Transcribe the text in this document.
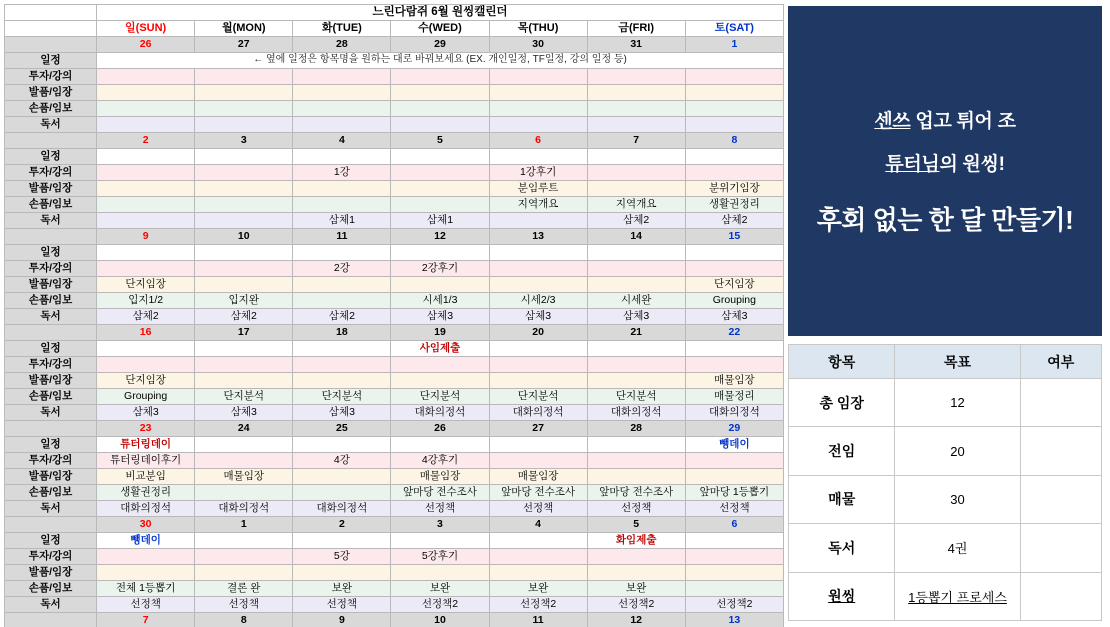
	느린다람쥐 6월 원씽캘린더						
	일(SUN)	월(MON)	화(TUE)	수(WED)	목(THU)	금(FRI)	토(SAT)
	26	27	28	29	30	31	1
일정	← 옆에 일정은 항목명을 원하는 대로 바꿔보세요 (EX. 개인일정, TF일정, 강의 일정 등)						
투자/강의							
발품/임장							
손품/임보							
독서							
	2	3	4	5	6	7	8
일정							
투자/강의			1강		1강후기		
발품/임장					분임루트		분위기임장
손품/임보					지역개요	지역개요	생활권정리
독서			삼체1	삼체1		삼체2	삼체2
	9	10	11	12	13	14	15
일정							
투자/강의			2강	2강후기			
발품/임장	단지임장						단지임장
손품/임보	입지1/2	입지완		시세1/3	시세2/3	시세완	Grouping
독서	삼체2	삼체2	삼체2	삼체3	삼체3	삼체3	삼체3
	16	17	18	19	20	21	22
일정				사임제출			
투자/강의							
발품/임장	단지임장						매물임장
손품/임보	Grouping	단지분석	단지분석	단지분석	단지분석	단지분석	매물정리
독서	삼체3	삼체3	삼체3	대화의정석	대화의정석	대화의정석	대화의정석
	23	24	25	26	27	28	29
일정	튜터링데이						뺑데이
투자/강의	튜터링데이후기		4강	4강후기			
발품/임장	비교분임	매물임장		매물임장	매물임장		
손품/임보	생활권정리			앞마당 전수조사	앞마당 전수조사	앞마당 전수조사	앞마당 1등뽑기
독서	대화의정석	대화의정석	대화의정석	선정책	선정책	선정책	선정책
	30	1	2	3	4	5	6
일정	뺑데이					화임제출	
투자/강의			5강	5강후기			
발품/임장							
손품/임보	전체 1등뽑기	결론 완	보완	보완	보완	보완	
독서	선정책	선정책	선정책	선정책2	선정책2	선정책2	선정책2
	7	8	9	10	11	12	13
센쓰 업고 튀어 조
튜터님의 원씽!
후회 없는 한 달 만들기!
항목	목표	여부
총 임장	12	
전임	20	
매물	30	
독서	4권	
원씽	1등뽑기 프로세스	
